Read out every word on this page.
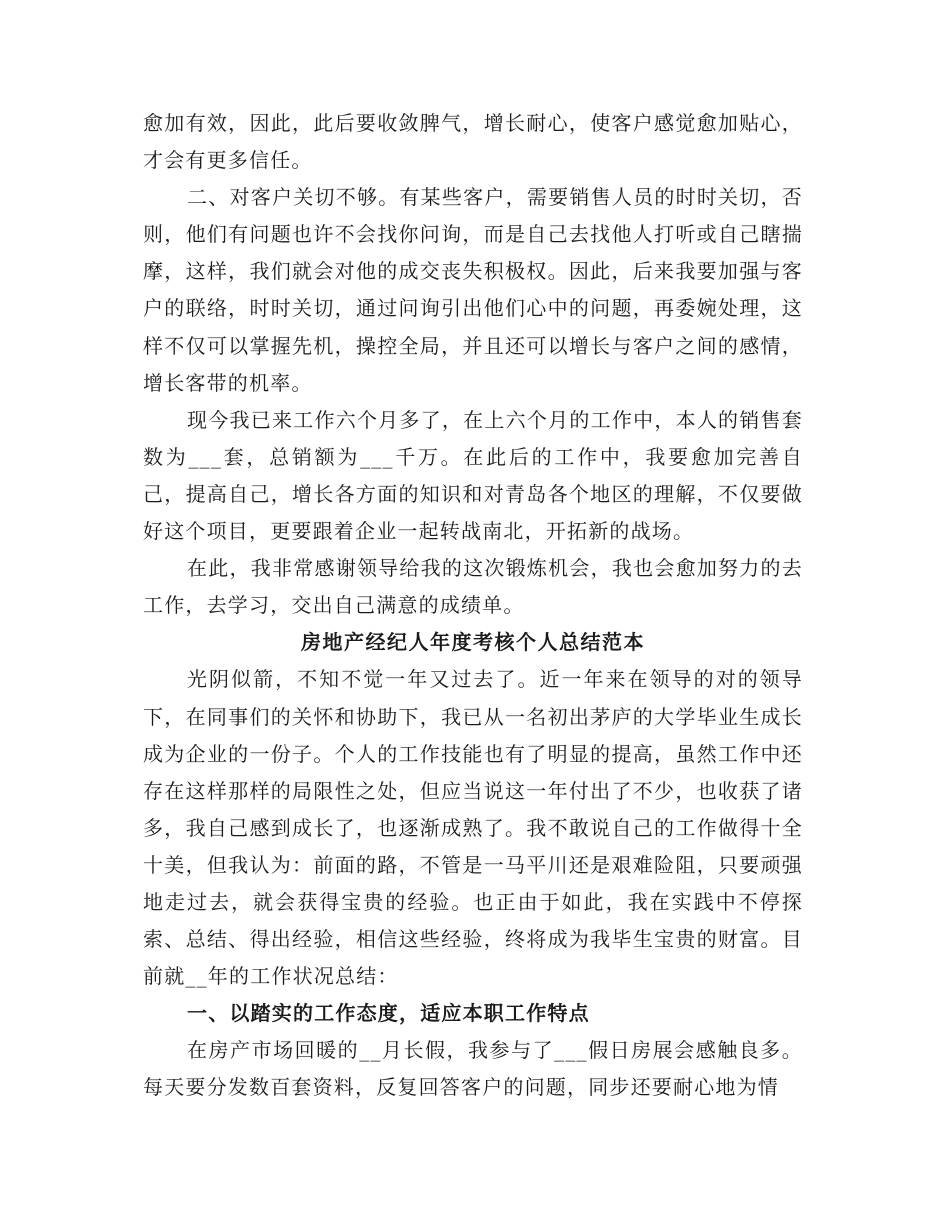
愈加有效，因此，此后要收敛脾气，增长耐心，使客户感觉愈加贴心，才会有更多信任。

二、对客户关切不够。有某些客户，需要销售人员的时时关切，否则，他们有问题也许不会找你问询，而是自己去找他人打听或自己瞎揣摩，这样，我们就会对他的成交丧失积极权。因此，后来我要加强与客户的联络，时时关切，通过问询引出他们心中的问题，再委婉处理，这样不仅可以掌握先机，操控全局，并且还可以增长与客户之间的感情，增长客带的机率。

现今我已来工作六个月多了，在上六个月的工作中，本人的销售套数为___套，总销额为___千万。在此后的工作中，我要愈加完善自己，提高自己，增长各方面的知识和对青岛各个地区的理解，不仅要做好这个项目，更要跟着企业一起转战南北，开拓新的战场。

在此，我非常感谢领导给我的这次锻炼机会，我也会愈加努力的去工作，去学习，交出自己满意的成绩单。

房地产经纪人年度考核个人总结范本

光阴似箭，不知不觉一年又过去了。近一年来在领导的对的领导下，在同事们的关怀和协助下，我已从一名初出茅庐的大学毕业生成长成为企业的一份子。个人的工作技能也有了明显的提高，虽然工作中还存在这样那样的局限性之处，但应当说这一年付出了不少，也收获了诸多，我自己感到成长了，也逐渐成熟了。我不敢说自己的工作做得十全十美，但我认为：前面的路，不管是一马平川还是艰难险阻，只要顽强地走过去，就会获得宝贵的经验。也正由于如此，我在实践中不停探索、总结、得出经验，相信这些经验，终将成为我毕生宝贵的财富。目前就__年的工作状况总结：

一、以踏实的工作态度，适应本职工作特点

在房产市场回暖的__月长假，我参与了___假日房展会感触良多。每天要分发数百套资料，反复回答客户的问题，同步还要耐心地为情
